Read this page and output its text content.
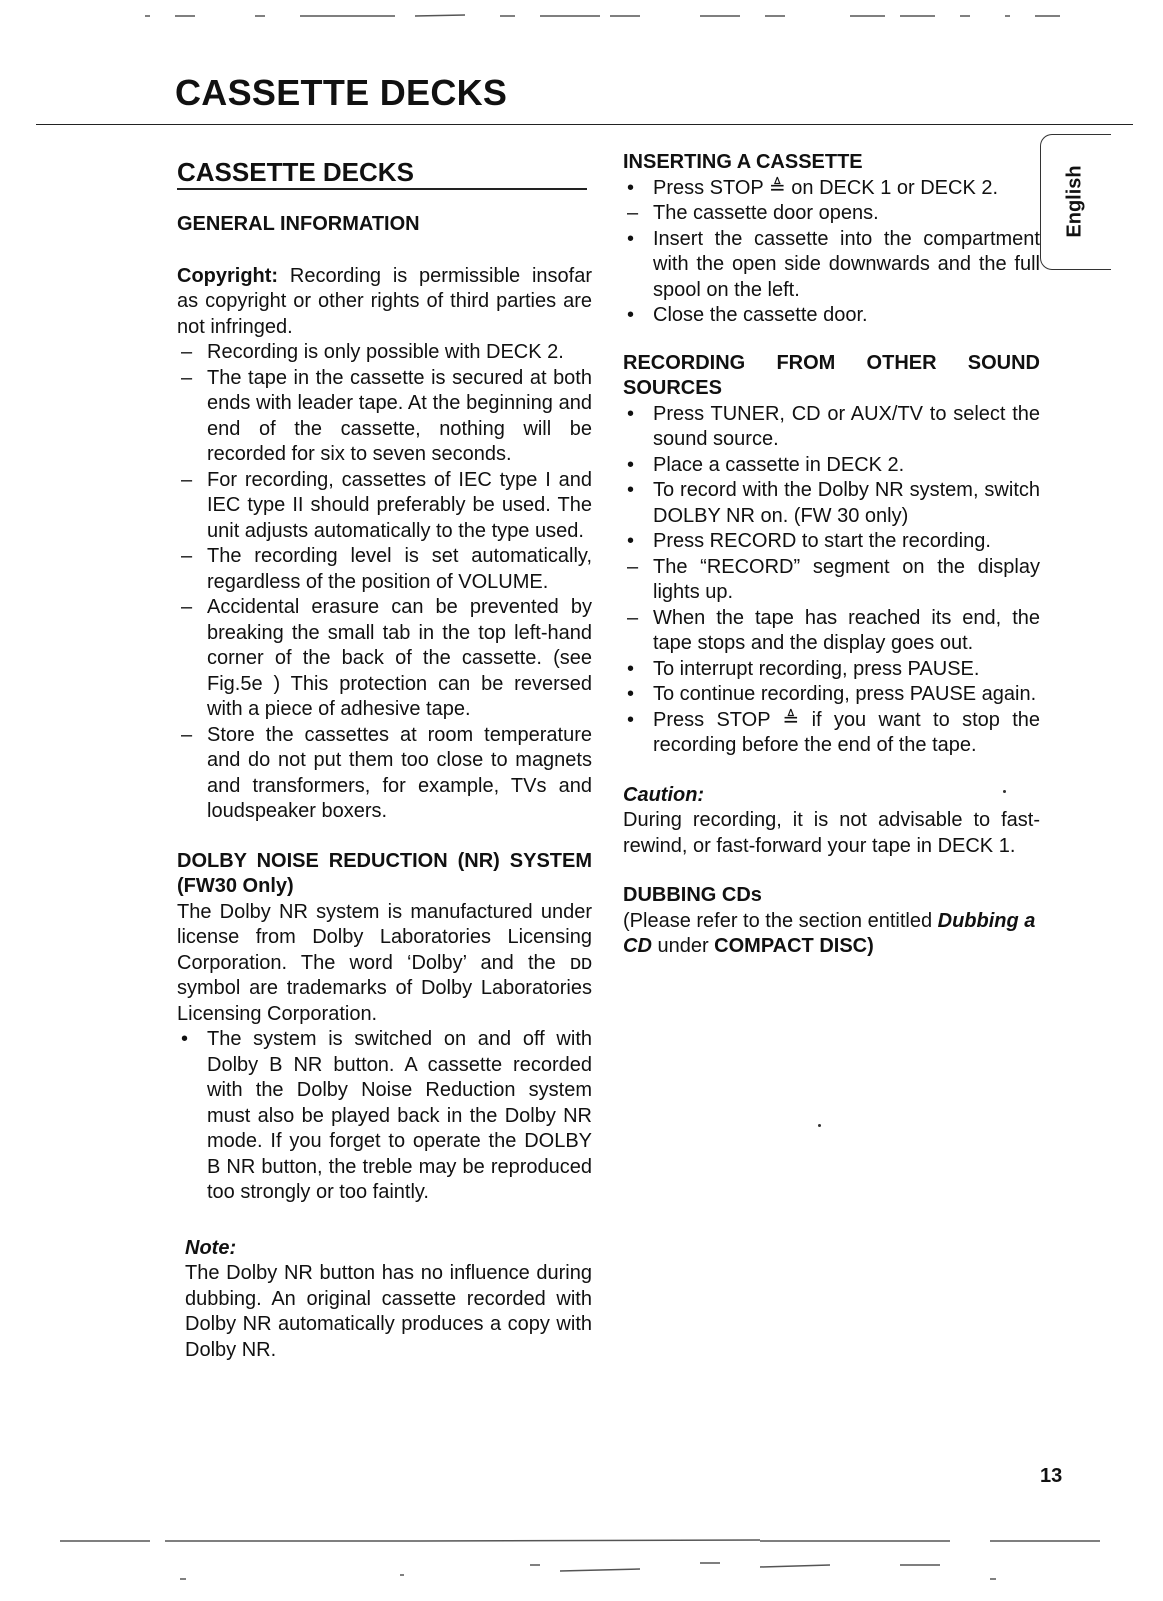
CASSETTE DECKS
English
CASSETTE DECKS

GENERAL INFORMATION

Copyright: Recording is permissible insofar as copyright or other rights of third parties are not infringed.

– Recording is only possible with DECK 2.
– The tape in the cassette is secured at both ends with leader tape. At the beginning and end of the cassette, nothing will be recorded for six to seven seconds.
– For recording, cassettes of IEC type I and IEC type II should preferably be used. The unit adjusts automatically to the type used.
– The recording level is set automatically, regardless of the position of VOLUME.
– Accidental erasure can be prevented by breaking the small tab in the top left-hand corner of the back of the cassette. (see Fig.5e ) This protection can be reversed with a piece of adhesive tape.
– Store the cassettes at room temperature and do not put them too close to magnets and transformers, for example, TVs and loudspeaker boxers.

DOLBY NOISE REDUCTION (NR) SYSTEM (FW30 Only)

The Dolby NR system is manufactured under license from Dolby Laboratories Licensing Corporation. The word ‘Dolby’ and the ᴅᴅ symbol are trademarks of Dolby Laboratories Licensing Corporation.

• The system is switched on and off with Dolby B NR button. A cassette recorded with the Dolby Noise Reduction system must also be played back in the Dolby NR mode. If you forget to operate the DOLBY B NR button, the treble may be reproduced too strongly or too faintly.

Note:

The Dolby NR button has no influence during dubbing. An original cassette recorded with Dolby NR automatically produces a copy with Dolby NR.

INSERTING A CASSETTE

• Press STOP ≜ on DECK 1 or DECK 2.
– The cassette door opens.
• Insert the cassette into the compartment with the open side downwards and the full spool on the left.
• Close the cassette door.

RECORDING FROM OTHER SOUND SOURCES

• Press TUNER, CD or AUX/TV to select the sound source.
• Place a cassette in DECK 2.
• To record with the Dolby NR system, switch DOLBY NR on. (FW 30 only)
• Press RECORD to start the recording.
– The “RECORD” segment on the display lights up.
– When the tape has reached its end, the tape stops and the display goes out.
• To interrupt recording, press PAUSE.
• To continue recording, press PAUSE again.
• Press STOP ≜ if you want to stop the recording before the end of the tape.

Caution:

During recording, it is not advisable to fast-rewind, or fast-forward your tape in DECK 1.

DUBBING CDs

(Please refer to the section entitled Dubbing a CD under COMPACT DISC)

13
